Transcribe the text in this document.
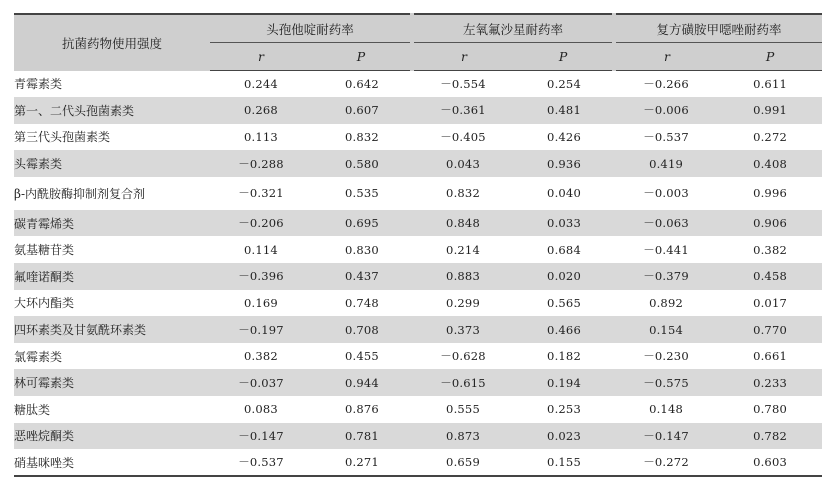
抗菌药物使用强度	头孢他啶耐药率		左氧氟沙星耐药率		复方磺胺甲噁唑耐药率	
	r	P	r	P	r	P
青霉素类	0.244	0.642	－0.554	0.254	－0.266	0.611
第一、二代头孢菌素类	0.268	0.607	－0.361	0.481	－0.006	0.991
第三代头孢菌素类	0.113	0.832	－0.405	0.426	－0.537	0.272
头霉素类	－0.288	0.580	0.043	0.936	0.419	0.408
β-内酰胺酶抑制剂复合剂	－0.321	0.535	0.832	0.040	－0.003	0.996
碳青霉烯类	－0.206	0.695	0.848	0.033	－0.063	0.906
氨基糖苷类	0.114	0.830	0.214	0.684	－0.441	0.382
氟喹诺酮类	－0.396	0.437	0.883	0.020	－0.379	0.458
大环内酯类	0.169	0.748	0.299	0.565	0.892	0.017
四环素类及甘氨酰环素类	－0.197	0.708	0.373	0.466	0.154	0.770
氯霉素类	0.382	0.455	－0.628	0.182	－0.230	0.661
林可霉素类	－0.037	0.944	－0.615	0.194	－0.575	0.233
糖肽类	0.083	0.876	0.555	0.253	0.148	0.780
恶唑烷酮类	－0.147	0.781	0.873	0.023	－0.147	0.782
硝基咪唑类	－0.537	0.271	0.659	0.155	－0.272	0.603
